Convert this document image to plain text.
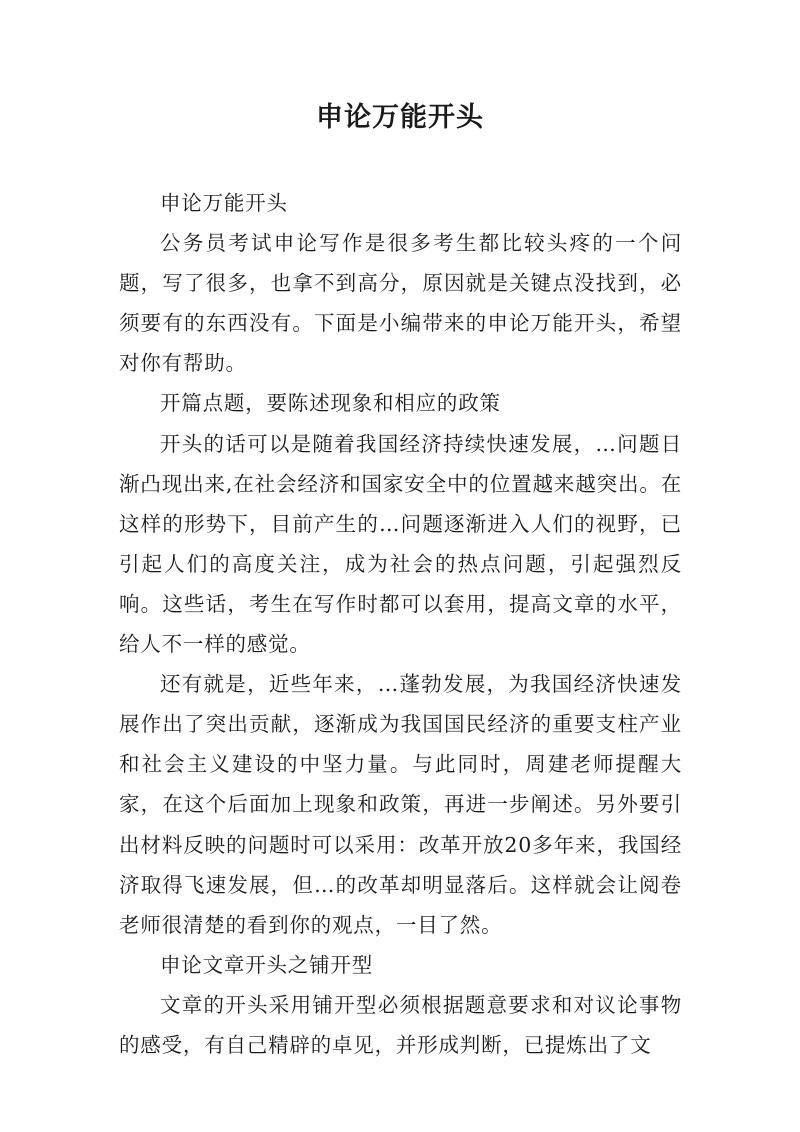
申论万能开头

申论万能开头

公务员考试申论写作是很多考生都比较头疼的一个问题，写了很多，也拿不到高分，原因就是关键点没找到，必须要有的东西没有。下面是小编带来的申论万能开头，希望对你有帮助。

开篇点题，要陈述现象和相应的政策

开头的话可以是随着我国经济持续快速发展，…问题日渐凸现出来,在社会经济和国家安全中的位置越来越突出。在这样的形势下，目前产生的…问题逐渐进入人们的视野，已引起人们的高度关注，成为社会的热点问题，引起强烈反响。这些话，考生在写作时都可以套用，提高文章的水平，给人不一样的感觉。

还有就是，近些年来，…蓬勃发展，为我国经济快速发展作出了突出贡献，逐渐成为我国国民经济的重要支柱产业和社会主义建设的中坚力量。与此同时，周建老师提醒大家，在这个后面加上现象和政策，再进一步阐述。另外要引出材料反映的问题时可以采用：改革开放20多年来，我国经济取得飞速发展，但…的改革却明显落后。这样就会让阅卷老师很清楚的看到你的观点，一目了然。

申论文章开头之铺开型

文章的开头采用铺开型必须根据题意要求和对议论事物的感受，有自己精辟的卓见，并形成判断，已提炼出了文
